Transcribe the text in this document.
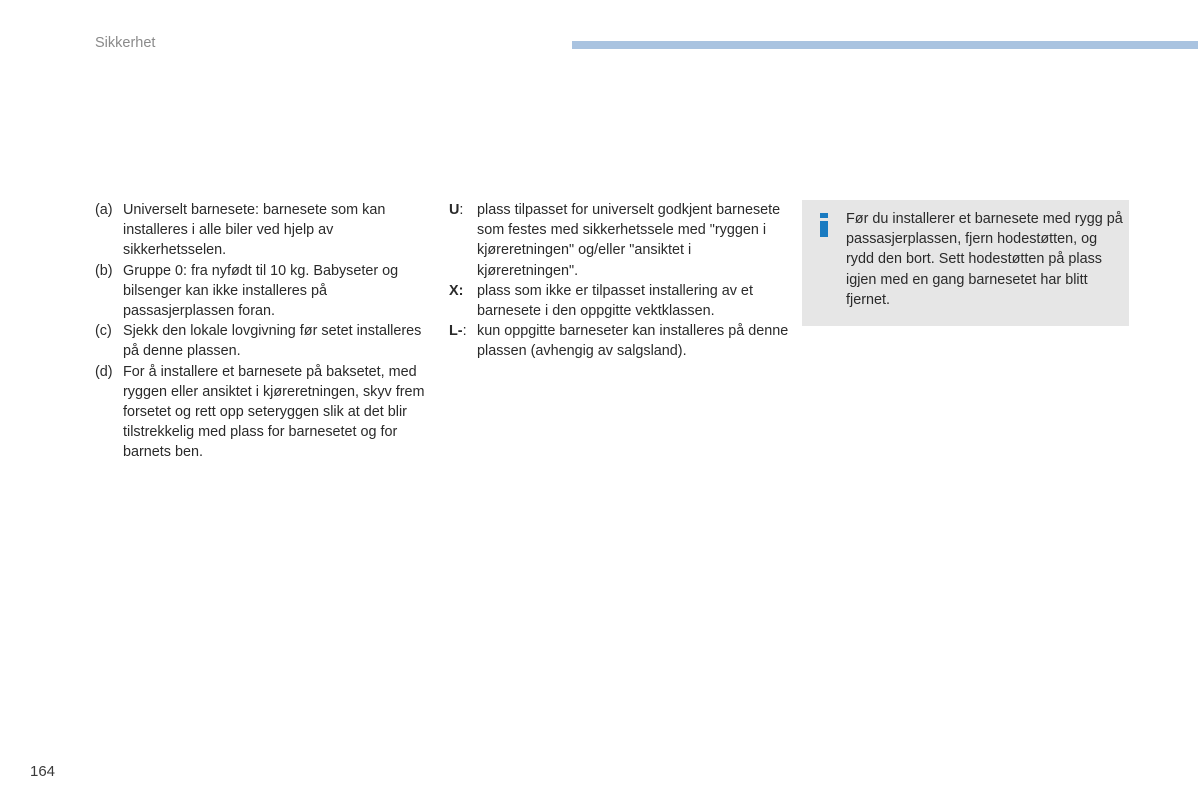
Sikkerhet
(a) Universelt barnesete: barnesete som kan installeres i alle biler ved hjelp av sikkerhetsselen.
(b) Gruppe 0: fra nyfødt til 10 kg. Babyseter og bilsenger kan ikke installeres på passasjerplassen foran.
(c) Sjekk den lokale lovgivning før setet installeres på denne plassen.
(d) For å installere et barnesete på baksetet, med ryggen eller ansiktet i kjøreretningen, skyv frem forsetet og rett opp seteryggen slik at det blir tilstrekkelig med plass for barnesetet og for barnets ben.
U: plass tilpasset for universelt godkjent barnesete som festes med sikkerhetssele med "ryggen i kjøreretningen" og/eller "ansiktet i kjøreretningen".
X: plass som ikke er tilpasset installering av et barnesete i den oppgitte vektklassen.
L-: kun oppgitte barneseter kan installeres på denne plassen (avhengig av salgsland).
Før du installerer et barnesete med rygg på passasjerplassen, fjern hodestøtten, og rydd den bort. Sett hodestøtten på plass igjen med en gang barnesetet har blitt fjernet.
164
